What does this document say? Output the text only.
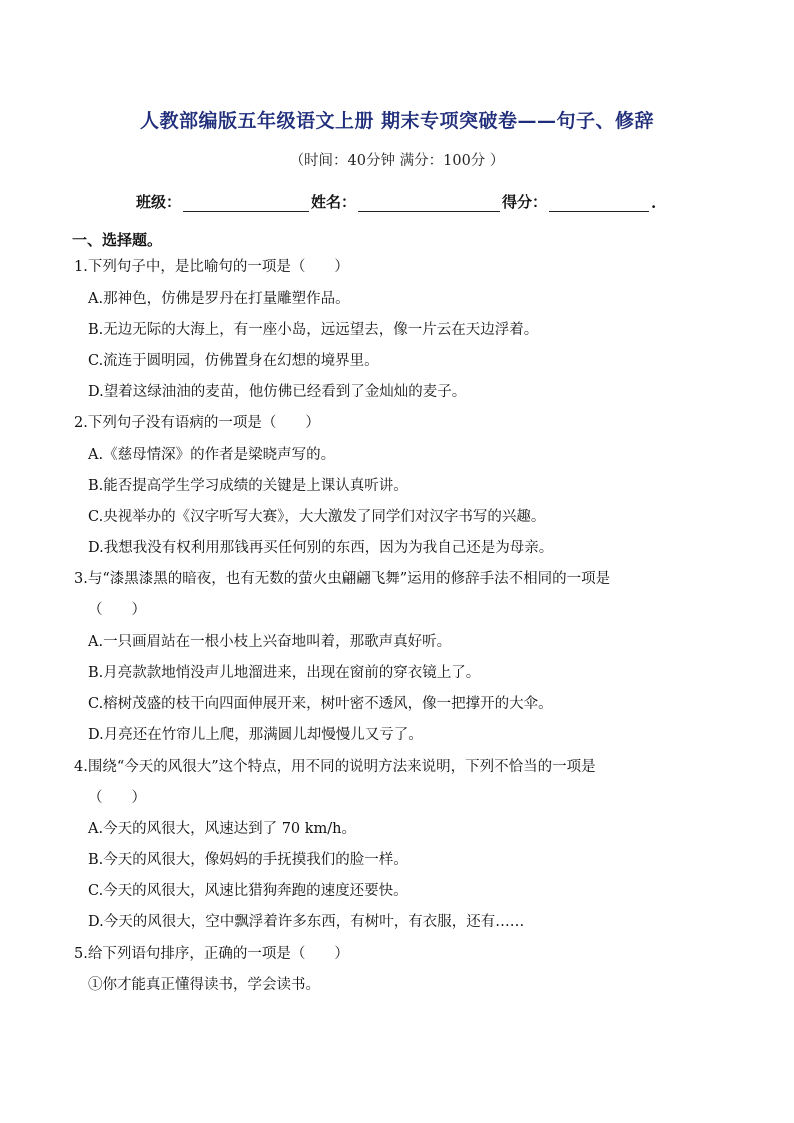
人教部编版五年级语文上册 期末专项突破卷——句子、修辞
（时间：40分钟 满分：100分 ）
班级：	姓名：	得分：	.
一、选择题。
1.下列句子中，是比喻句的一项是（　　）
A.那神色，仿佛是罗丹在打量雕塑作品。
B.无边无际的大海上，有一座小岛，远远望去，像一片云在天边浮着。
C.流连于圆明园，仿佛置身在幻想的境界里。
D.望着这绿油油的麦苗，他仿佛已经看到了金灿灿的麦子。
2.下列句子没有语病的一项是（　　）
A.《慈母情深》的作者是梁晓声写的。
B.能否提高学生学习成绩的关键是上课认真听讲。
C.央视举办的《汉字听写大赛》，大大激发了同学们对汉字书写的兴趣。
D.我想我没有权利用那钱再买任何别的东西，因为为我自己还是为母亲。
3.与“漆黑漆黑的暗夜，也有无数的萤火虫翩翩飞舞”运用的修辞手法不相同的一项是
（　　）
A.一只画眉站在一根小枝上兴奋地叫着，那歌声真好听。
B.月亮款款地悄没声儿地溜进来，出现在窗前的穿衣镜上了。
C.榕树茂盛的枝干向四面伸展开来，树叶密不透风，像一把撑开的大伞。
D.月亮还在竹帘儿上爬，那满圆儿却慢慢儿又亏了。
4.围绕“今天的风很大”这个特点，用不同的说明方法来说明，下列不恰当的一项是
（　　）
A.今天的风很大，风速达到了 70 km/h。
B.今天的风很大，像妈妈的手抚摸我们的脸一样。
C.今天的风很大，风速比猎狗奔跑的速度还要快。
D.今天的风很大，空中飘浮着许多东西，有树叶，有衣服，还有……
5.给下列语句排序，正确的一项是（　　）
①你才能真正懂得读书，学会读书。
